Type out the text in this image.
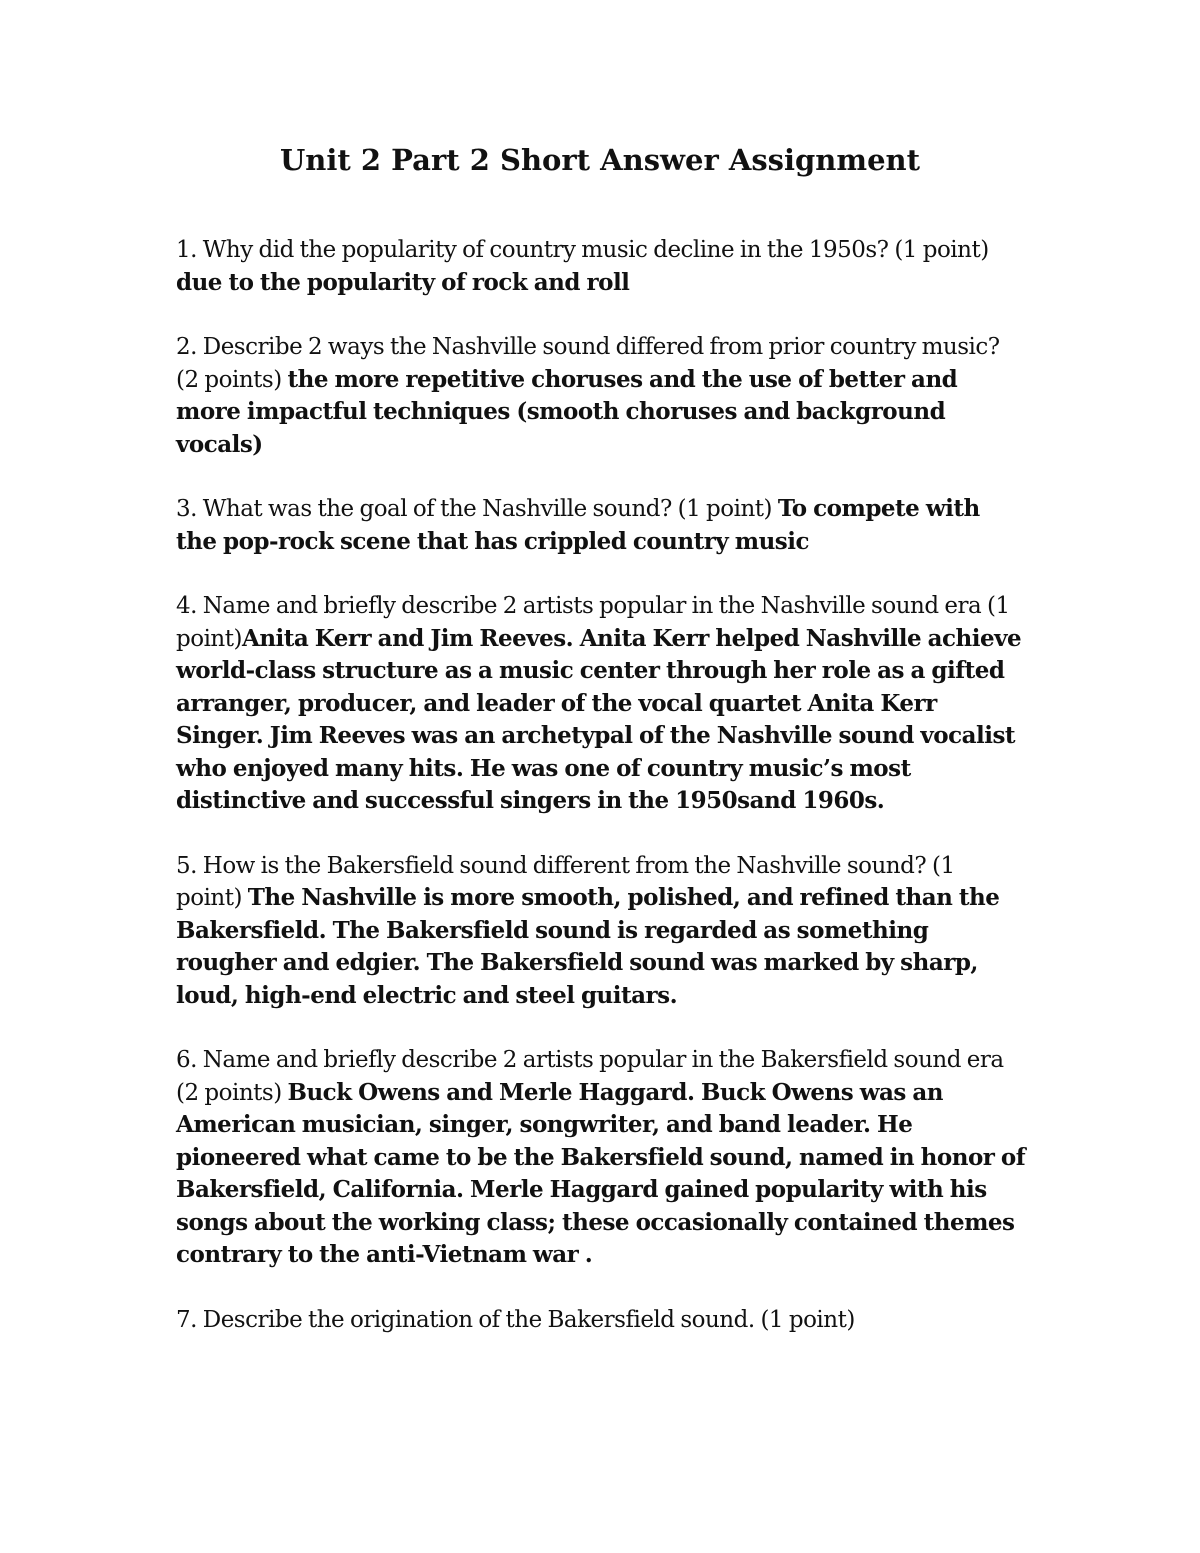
Unit 2 Part 2 Short Answer Assignment

1. Why did the popularity of country music decline in the 1950s? (1 point) due to the popularity of rock and roll

2. Describe 2 ways the Nashville sound differed from prior country music? (2 points) the more repetitive choruses and the use of better and more impactful techniques (smooth choruses and background vocals)

3. What was the goal of the Nashville sound? (1 point) To compete with the pop-rock scene that has crippled country music

4. Name and briefly describe 2 artists popular in the Nashville sound era (1 point)Anita Kerr and Jim Reeves. Anita Kerr helped Nashville achieve world-class structure as a music center through her role as a gifted arranger, producer, and leader of the vocal quartet Anita Kerr Singer. Jim Reeves was an archetypal of the Nashville sound vocalist who enjoyed many hits. He was one of country music’s most distinctive and successful singers in the 1950sand 1960s.

5. How is the Bakersfield sound different from the Nashville sound? (1 point) The Nashville is more smooth, polished, and refined than the Bakersfield. The Bakersfield sound is regarded as something rougher and edgier. The Bakersfield sound was marked by sharp, loud, high-end electric and steel guitars.

6. Name and briefly describe 2 artists popular in the Bakersfield sound era (2 points) Buck Owens and Merle Haggard. Buck Owens was an American musician, singer, songwriter, and band leader. He pioneered what came to be the Bakersfield sound, named in honor of Bakersfield, California. Merle Haggard gained popularity with his songs about the working class; these occasionally contained themes contrary to the anti-Vietnam war .

7. Describe the origination of the Bakersfield sound. (1 point)
